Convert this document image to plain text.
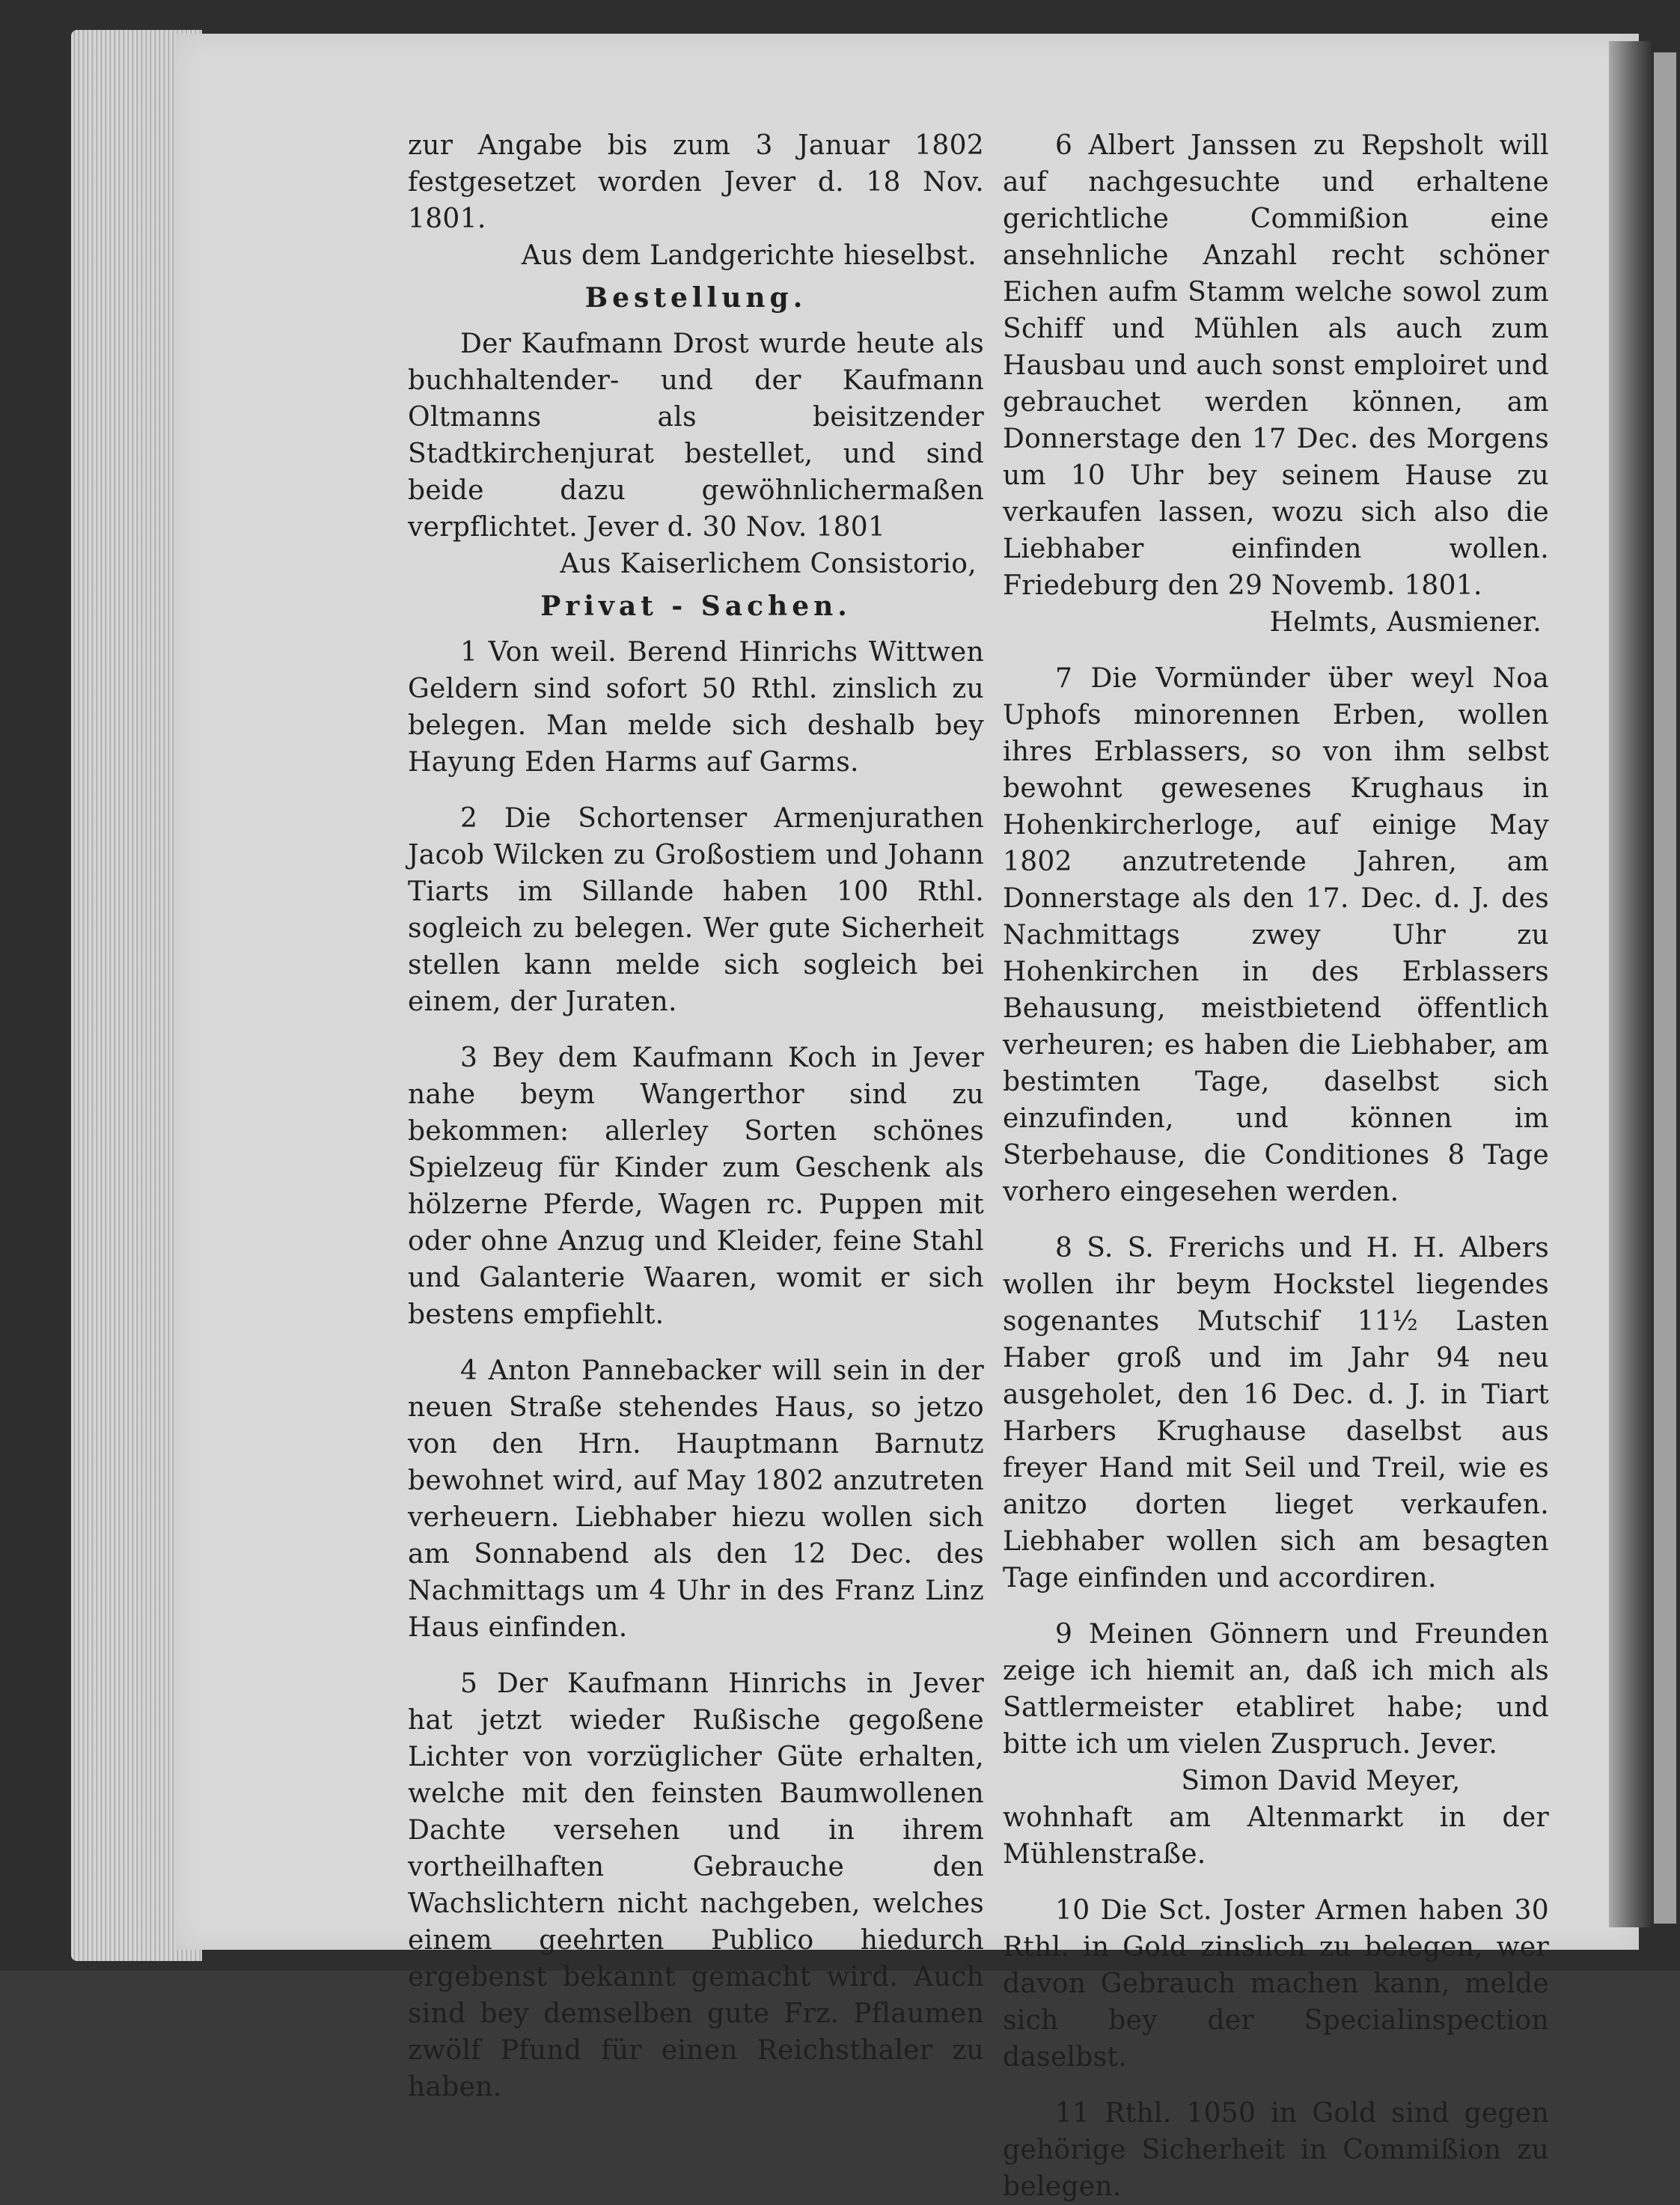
zur Angabe bis zum 3 Januar 1802 festgesetzet worden Jever d. 18 Nov. 1801.

Aus dem Landgerichte hieselbst.

Bestellung.

Der Kaufmann Drost wurde heute als buchhaltender- und der Kaufmann Oltmanns als beisitzender Stadtkirchenjurat bestellet, und sind beide dazu gewöhnlichermaßen verpflichtet. Jever d. 30 Nov. 1801

Aus Kaiserlichem Consistorio,

Privat - Sachen.

1 Von weil. Berend Hinrichs Wittwen Geldern sind sofort 50 Rthl. zinslich zu belegen. Man melde sich deshalb bey Hayung Eden Harms auf Garms.

2 Die Schortenser Armenjurathen Jacob Wilcken zu Großostiem und Johann Tiarts im Sillande haben 100 Rthl. sogleich zu belegen. Wer gute Sicherheit stellen kann melde sich sogleich bei einem, der Juraten.

3 Bey dem Kaufmann Koch in Jever nahe beym Wangerthor sind zu bekommen: allerley Sorten schönes Spielzeug für Kinder zum Geschenk als hölzerne Pferde, Wagen rc. Puppen mit oder ohne Anzug und Kleider, feine Stahl und Galanterie Waaren, womit er sich bestens empfiehlt.

4 Anton Pannebacker will sein in der neuen Straße stehendes Haus, so jetzo von den Hrn. Hauptmann Barnutz bewohnet wird, auf May 1802 anzutreten verheuern. Liebhaber hiezu wollen sich am Sonnabend als den 12 Dec. des Nachmittags um 4 Uhr in des Franz Linz Haus einfinden.

5 Der Kaufmann Hinrichs in Jever hat jetzt wieder Rußische gegoßene Lichter von vorzüglicher Güte erhalten, welche mit den feinsten Baumwollenen Dachte versehen und in ihrem vortheilhaften Gebrauche den Wachslichtern nicht nachgeben, welches einem geehrten Publico hiedurch ergebenst bekannt gemacht wird. Auch sind bey demselben gute Frz. Pflaumen zwölf Pfund für einen Reichsthaler zu haben.

6 Albert Janssen zu Repsholt will auf nachgesuchte und erhaltene gerichtliche Commißion eine ansehnliche Anzahl recht schöner Eichen aufm Stamm welche sowol zum Schiff und Mühlen als auch zum Hausbau und auch sonst emploiret und gebrauchet werden können, am Donnerstage den 17 Dec. des Morgens um 10 Uhr bey seinem Hause zu verkaufen lassen, wozu sich also die Liebhaber einfinden wollen. Friedeburg den 29 Novemb. 1801.

Helmts, Ausmiener.

7 Die Vormünder über weyl Noa Uphofs minorennen Erben, wollen ihres Erblassers, so von ihm selbst bewohnt gewesenes Krughaus in Hohenkircherloge, auf einige May 1802 anzutretende Jahren, am Donnerstage als den 17. Dec. d. J. des Nachmittags zwey Uhr zu Hohenkirchen in des Erblassers Behausung, meistbietend öffentlich verheuren; es haben die Liebhaber, am bestimten Tage, daselbst sich einzufinden, und können im Sterbehause, die Conditiones 8 Tage vorhero eingesehen werden.

8 S. S. Frerichs und H. H. Albers wollen ihr beym Hockstel liegendes sogenantes Mutschif 11½ Lasten Haber groß und im Jahr 94 neu ausgeholet, den 16 Dec. d. J. in Tiart Harbers Krughause daselbst aus freyer Hand mit Seil und Treil, wie es anitzo dorten lieget verkaufen. Liebhaber wollen sich am besagten Tage einfinden und accordiren.

9 Meinen Gönnern und Freunden zeige ich hiemit an, daß ich mich als Sattlermeister etabliret habe; und bitte ich um vielen Zuspruch. Jever.

Simon David Meyer,

wohnhaft am Altenmarkt in der Mühlenstraße.

10 Die Sct. Joster Armen haben 30 Rthl. in Gold zinslich zu belegen, wer davon Gebrauch machen kann, melde sich bey der Specialinspection daselbst.

11 Rthl. 1050 in Gold sind gegen gehörige Sicherheit in Commißion zu belegen.
